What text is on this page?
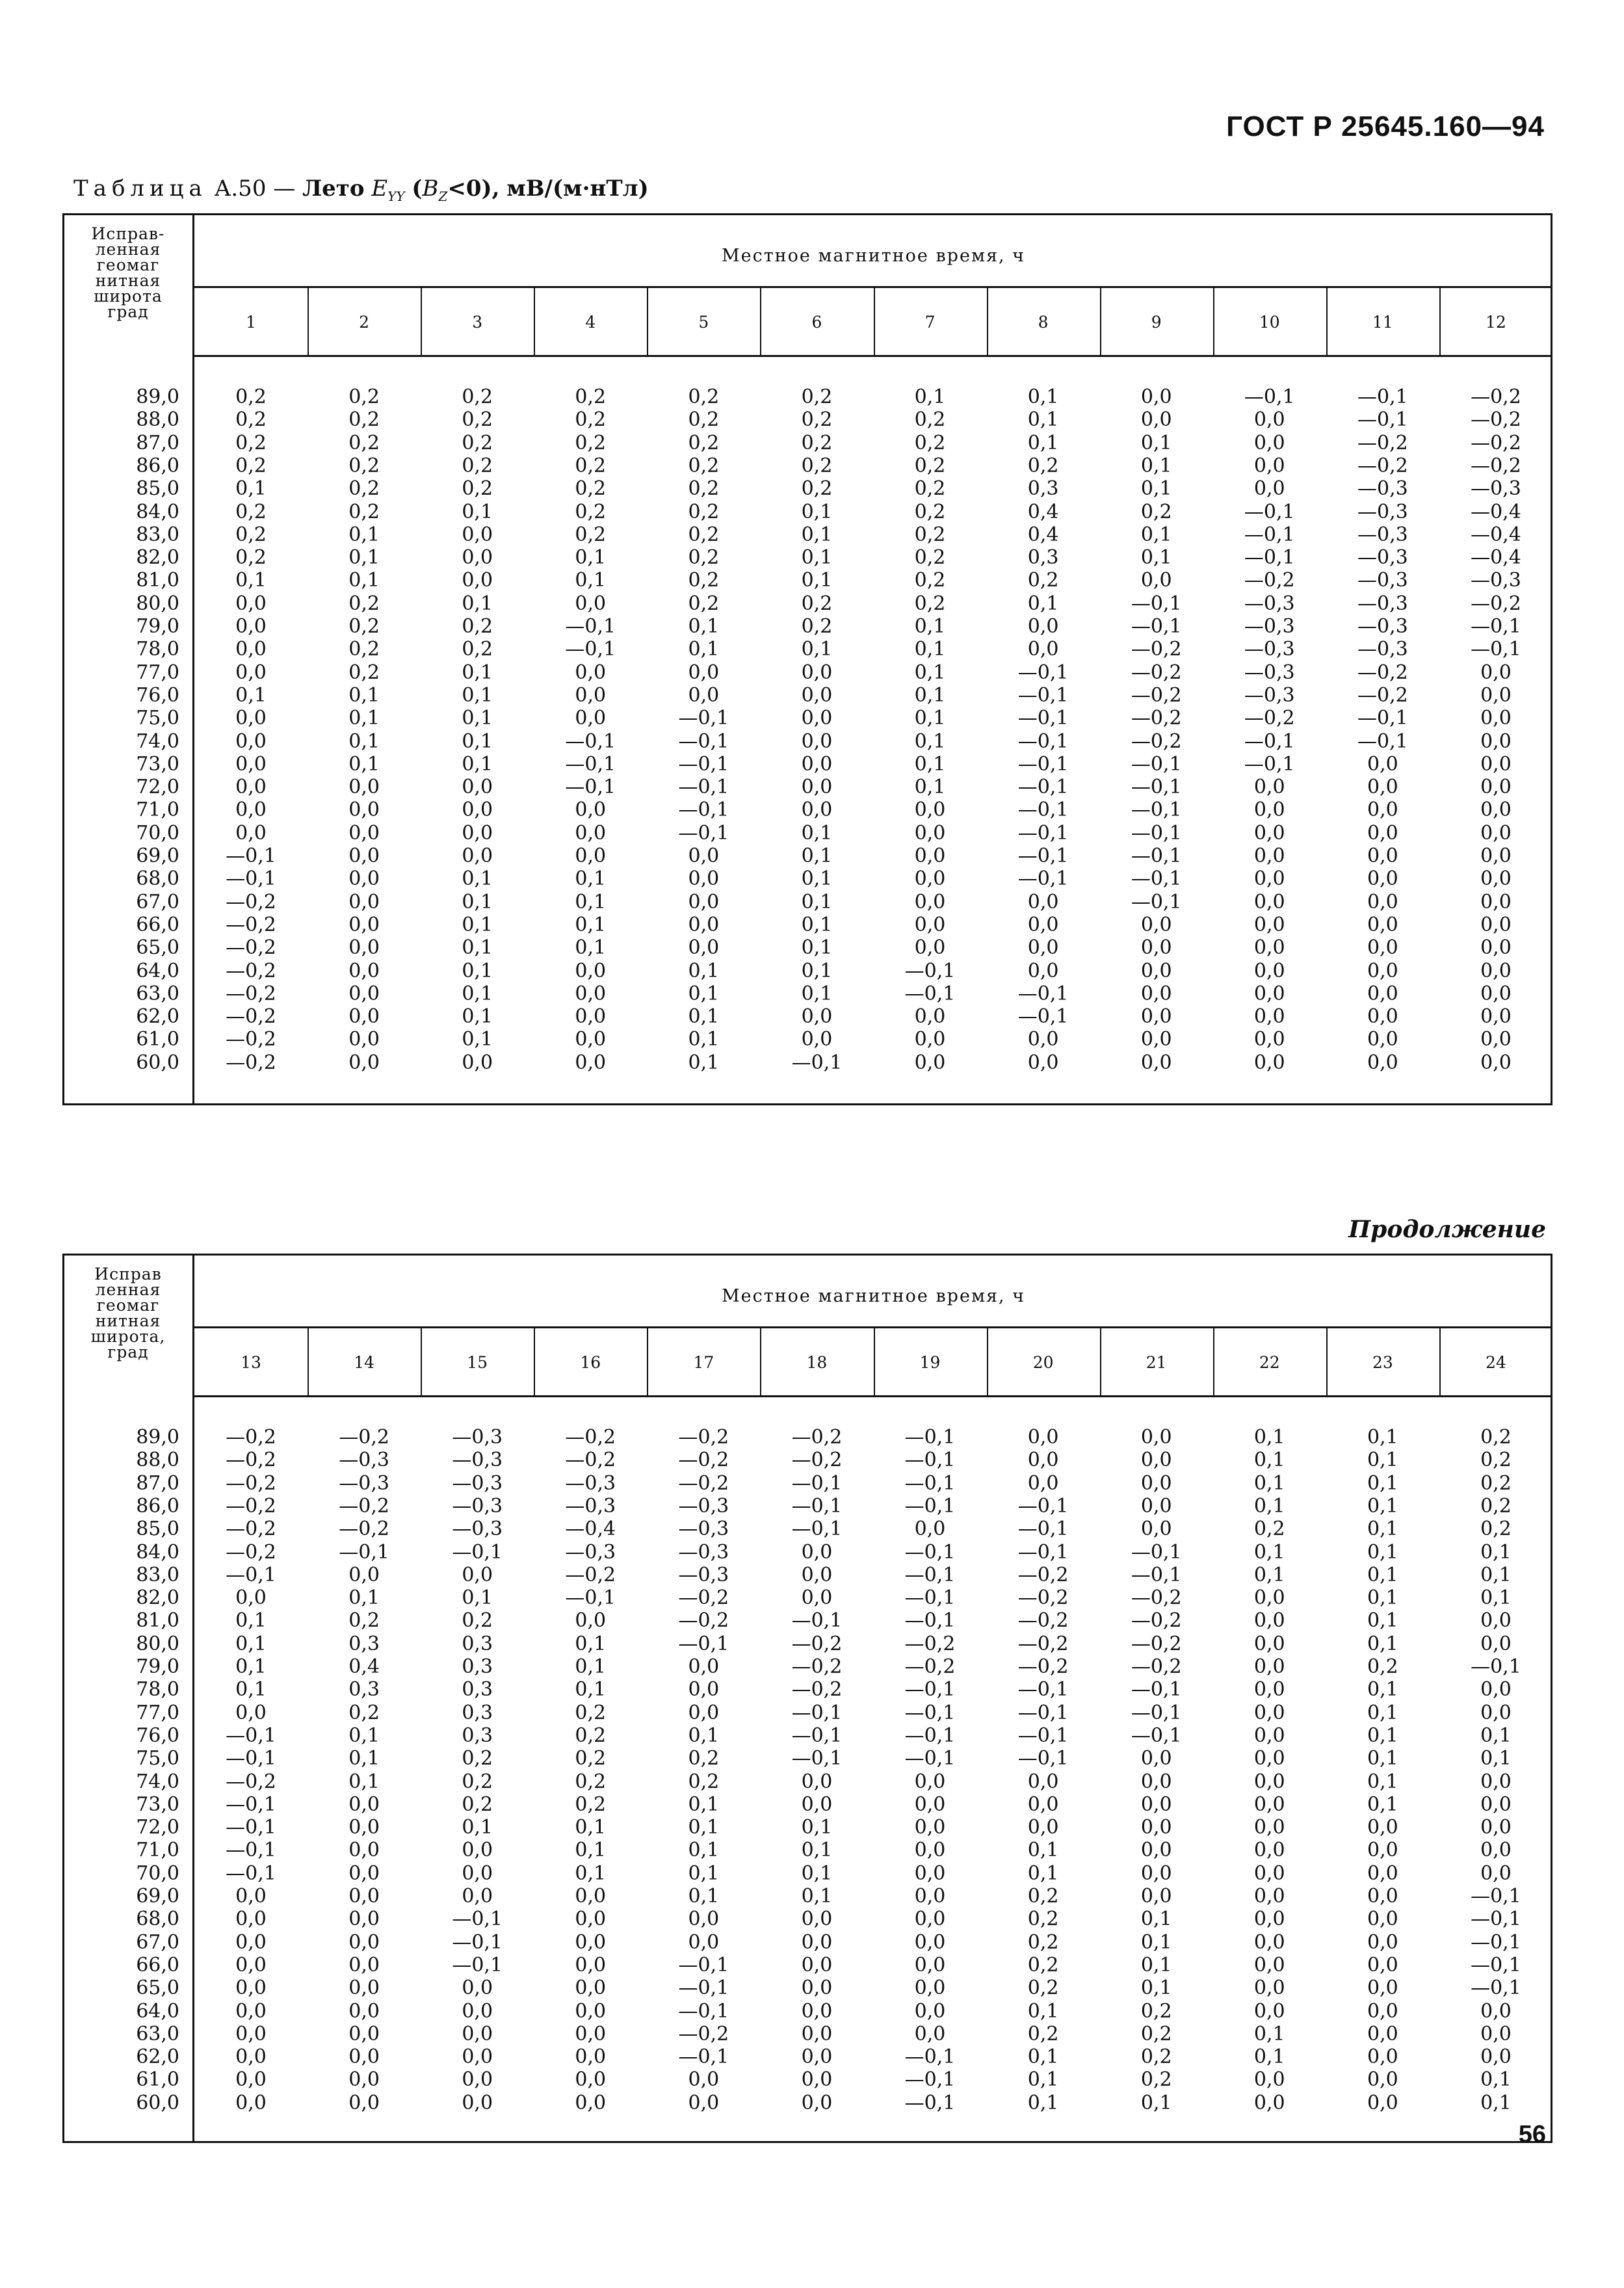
ГОСТ Р 25645.160—94
Таблица А.50 — Лето $E_{YY}$ $(B_Z<0)$, мВ/(м·нТл)
Исправ-
ленная
геомаг
нитная
широта
град
Местное магнитное время, ч
1	2	3	4	5	6	7	8	9	10	11	12
89,0	0,2	0,2	0,2	0,2	0,2	0,2	0,1	0,1	0,0	—0,1	—0,1	—0,2
88,0	0,2	0,2	0,2	0,2	0,2	0,2	0,2	0,1	0,0	0,0	—0,1	—0,2
87,0	0,2	0,2	0,2	0,2	0,2	0,2	0,2	0,1	0,1	0,0	—0,2	—0,2
86,0	0,2	0,2	0,2	0,2	0,2	0,2	0,2	0,2	0,1	0,0	—0,2	—0,2
85,0	0,1	0,2	0,2	0,2	0,2	0,2	0,2	0,3	0,1	0,0	—0,3	—0,3
84,0	0,2	0,2	0,1	0,2	0,2	0,1	0,2	0,4	0,2	—0,1	—0,3	—0,4
83,0	0,2	0,1	0,0	0,2	0,2	0,1	0,2	0,4	0,1	—0,1	—0,3	—0,4
82,0	0,2	0,1	0,0	0,1	0,2	0,1	0,2	0,3	0,1	—0,1	—0,3	—0,4
81,0	0,1	0,1	0,0	0,1	0,2	0,1	0,2	0,2	0,0	—0,2	—0,3	—0,3
80,0	0,0	0,2	0,1	0,0	0,2	0,2	0,2	0,1	—0,1	—0,3	—0,3	—0,2
79,0	0,0	0,2	0,2	—0,1	0,1	0,2	0,1	0,0	—0,1	—0,3	—0,3	—0,1
78,0	0,0	0,2	0,2	—0,1	0,1	0,1	0,1	0,0	—0,2	—0,3	—0,3	—0,1
77,0	0,0	0,2	0,1	0,0	0,0	0,0	0,1	—0,1	—0,2	—0,3	—0,2	0,0
76,0	0,1	0,1	0,1	0,0	0,0	0,0	0,1	—0,1	—0,2	—0,3	—0,2	0,0
75,0	0,0	0,1	0,1	0,0	—0,1	0,0	0,1	—0,1	—0,2	—0,2	—0,1	0,0
74,0	0,0	0,1	0,1	—0,1	—0,1	0,0	0,1	—0,1	—0,2	—0,1	—0,1	0,0
73,0	0,0	0,1	0,1	—0,1	—0,1	0,0	0,1	—0,1	—0,1	—0,1	0,0	0,0
72,0	0,0	0,0	0,0	—0,1	—0,1	0,0	0,1	—0,1	—0,1	0,0	0,0	0,0
71,0	0,0	0,0	0,0	0,0	—0,1	0,0	0,0	—0,1	—0,1	0,0	0,0	0,0
70,0	0,0	0,0	0,0	0,0	—0,1	0,1	0,0	—0,1	—0,1	0,0	0,0	0,0
69,0	—0,1	0,0	0,0	0,0	0,0	0,1	0,0	—0,1	—0,1	0,0	0,0	0,0
68,0	—0,1	0,0	0,1	0,1	0,0	0,1	0,0	—0,1	—0,1	0,0	0,0	0,0
67,0	—0,2	0,0	0,1	0,1	0,0	0,1	0,0	0,0	—0,1	0,0	0,0	0,0
66,0	—0,2	0,0	0,1	0,1	0,0	0,1	0,0	0,0	0,0	0,0	0,0	0,0
65,0	—0,2	0,0	0,1	0,1	0,0	0,1	0,0	0,0	0,0	0,0	0,0	0,0
64,0	—0,2	0,0	0,1	0,0	0,1	0,1	—0,1	0,0	0,0	0,0	0,0	0,0
63,0	—0,2	0,0	0,1	0,0	0,1	0,1	—0,1	—0,1	0,0	0,0	0,0	0,0
62,0	—0,2	0,0	0,1	0,0	0,1	0,0	0,0	—0,1	0,0	0,0	0,0	0,0
61,0	—0,2	0,0	0,1	0,0	0,1	0,0	0,0	0,0	0,0	0,0	0,0	0,0
60,0	—0,2	0,0	0,0	0,0	0,1	—0,1	0,0	0,0	0,0	0,0	0,0	0,0
Продолжение
Исправ
ленная
геомаг
нитная
широта,
град
Местное магнитное время, ч
13	14	15	16	17	18	19	20	21	22	23	24
89,0	—0,2	—0,2	—0,3	—0,2	—0,2	—0,2	—0,1	0,0	0,0	0,1	0,1	0,2
88,0	—0,2	—0,3	—0,3	—0,2	—0,2	—0,2	—0,1	0,0	0,0	0,1	0,1	0,2
87,0	—0,2	—0,3	—0,3	—0,3	—0,2	—0,1	—0,1	0,0	0,0	0,1	0,1	0,2
86,0	—0,2	—0,2	—0,3	—0,3	—0,3	—0,1	—0,1	—0,1	0,0	0,1	0,1	0,2
85,0	—0,2	—0,2	—0,3	—0,4	—0,3	—0,1	0,0	—0,1	0,0	0,2	0,1	0,2
84,0	—0,2	—0,1	—0,1	—0,3	—0,3	0,0	—0,1	—0,1	—0,1	0,1	0,1	0,1
83,0	—0,1	0,0	0,0	—0,2	—0,3	0,0	—0,1	—0,2	—0,1	0,1	0,1	0,1
82,0	0,0	0,1	0,1	—0,1	—0,2	0,0	—0,1	—0,2	—0,2	0,0	0,1	0,1
81,0	0,1	0,2	0,2	0,0	—0,2	—0,1	—0,1	—0,2	—0,2	0,0	0,1	0,0
80,0	0,1	0,3	0,3	0,1	—0,1	—0,2	—0,2	—0,2	—0,2	0,0	0,1	0,0
79,0	0,1	0,4	0,3	0,1	0,0	—0,2	—0,2	—0,2	—0,2	0,0	0,2	—0,1
78,0	0,1	0,3	0,3	0,1	0,0	—0,2	—0,1	—0,1	—0,1	0,0	0,1	0,0
77,0	0,0	0,2	0,3	0,2	0,0	—0,1	—0,1	—0,1	—0,1	0,0	0,1	0,0
76,0	—0,1	0,1	0,3	0,2	0,1	—0,1	—0,1	—0,1	—0,1	0,0	0,1	0,1
75,0	—0,1	0,1	0,2	0,2	0,2	—0,1	—0,1	—0,1	0,0	0,0	0,1	0,1
74,0	—0,2	0,1	0,2	0,2	0,2	0,0	0,0	0,0	0,0	0,0	0,1	0,0
73,0	—0,1	0,0	0,2	0,2	0,1	0,0	0,0	0,0	0,0	0,0	0,1	0,0
72,0	—0,1	0,0	0,1	0,1	0,1	0,1	0,0	0,0	0,0	0,0	0,0	0,0
71,0	—0,1	0,0	0,0	0,1	0,1	0,1	0,0	0,1	0,0	0,0	0,0	0,0
70,0	—0,1	0,0	0,0	0,1	0,1	0,1	0,0	0,1	0,0	0,0	0,0	0,0
69,0	0,0	0,0	0,0	0,0	0,1	0,1	0,0	0,2	0,0	0,0	0,0	—0,1
68,0	0,0	0,0	—0,1	0,0	0,0	0,0	0,0	0,2	0,1	0,0	0,0	—0,1
67,0	0,0	0,0	—0,1	0,0	0,0	0,0	0,0	0,2	0,1	0,0	0,0	—0,1
66,0	0,0	0,0	—0,1	0,0	—0,1	0,0	0,0	0,2	0,1	0,0	0,0	—0,1
65,0	0,0	0,0	0,0	0,0	—0,1	0,0	0,0	0,2	0,1	0,0	0,0	—0,1
64,0	0,0	0,0	0,0	0,0	—0,1	0,0	0,0	0,1	0,2	0,0	0,0	0,0
63,0	0,0	0,0	0,0	0,0	—0,2	0,0	0,0	0,2	0,2	0,1	0,0	0,0
62,0	0,0	0,0	0,0	0,0	—0,1	0,0	—0,1	0,1	0,2	0,1	0,0	0,0
61,0	0,0	0,0	0,0	0,0	0,0	0,0	—0,1	0,1	0,2	0,0	0,0	0,1
60,0	0,0	0,0	0,0	0,0	0,0	0,0	—0,1	0,1	0,1	0,0	0,0	0,1
56
